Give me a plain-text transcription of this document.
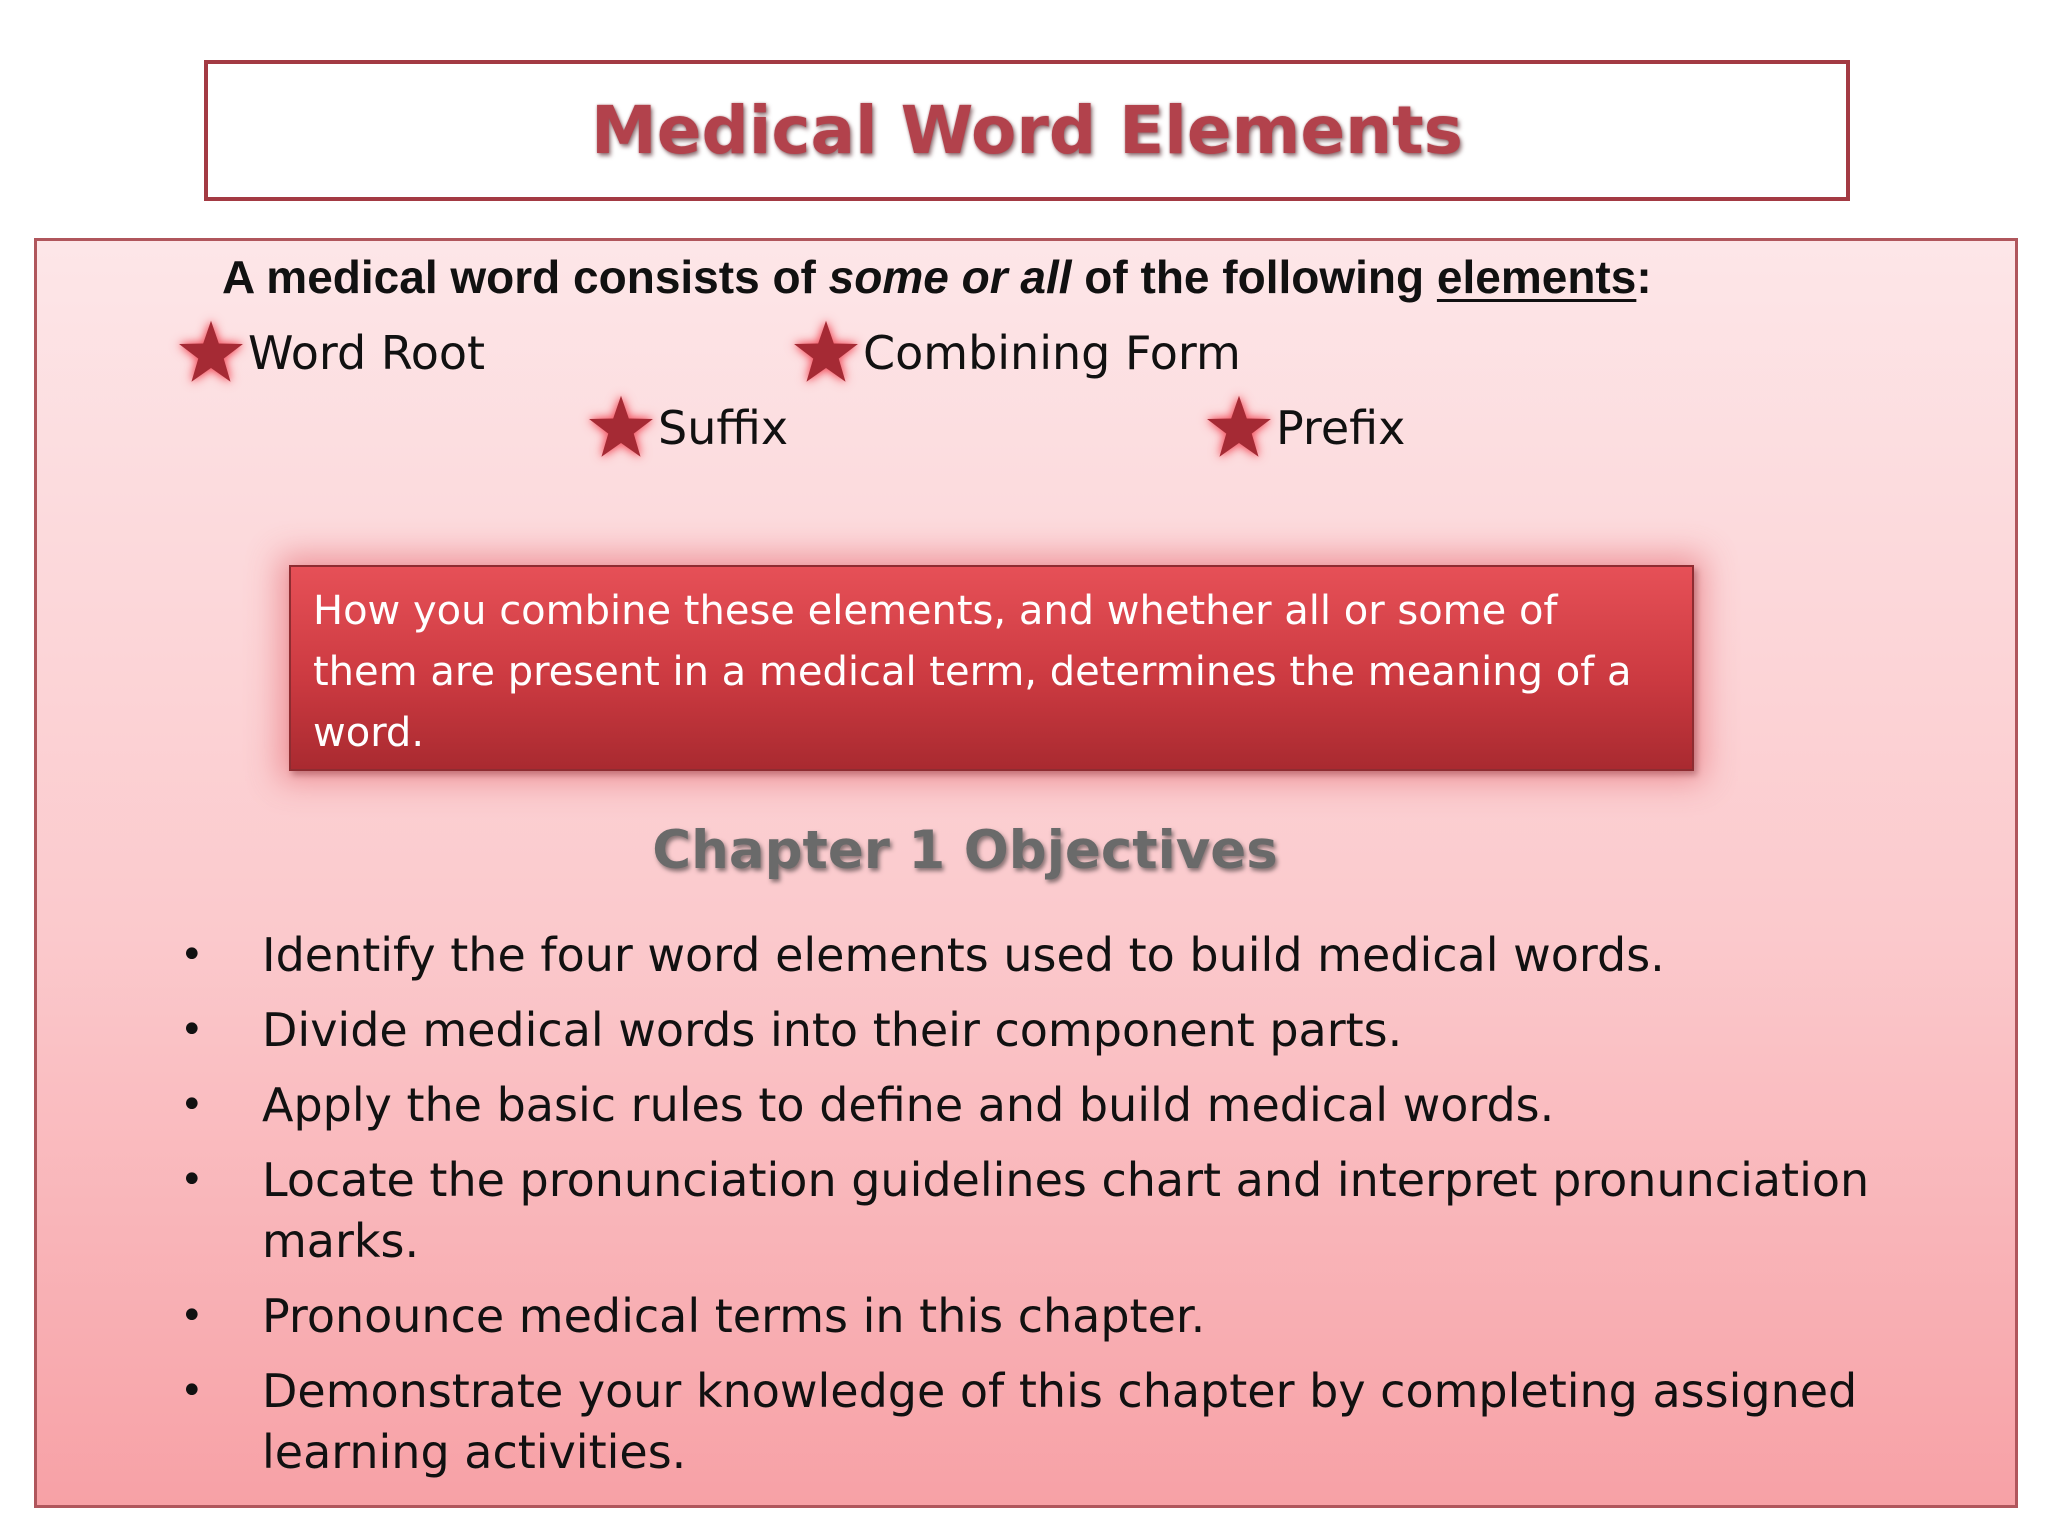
Medical Word Elements
A medical word consists of some or all of the following elements:
Word Root	Combining Form
Suffix	Prefix
How you combine these elements, and whether all or some of them are present in a medical term, determines the meaning of a word.
Chapter 1 Objectives
• Identify the four word elements used to build medical words.
• Divide medical words into their component parts.
• Apply the basic rules to define and build medical words.
• Locate the pronunciation guidelines chart and interpret pronunciation marks.
• Pronounce medical terms in this chapter.
• Demonstrate your knowledge of this chapter by completing assigned learning activities.
